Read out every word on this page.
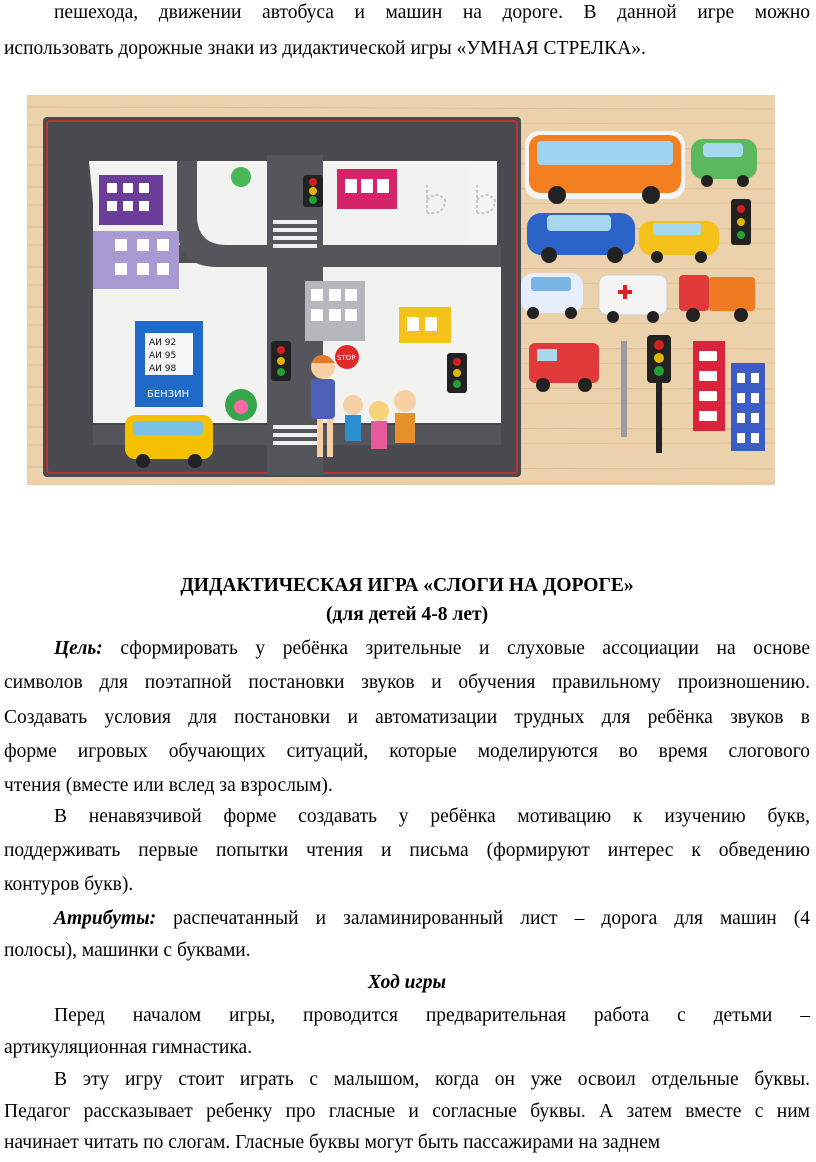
пешехода, движении автобуса и машин на дороге. В данной игре можно
использовать дорожные знаки из дидактической игры «УМНАЯ СТРЕЛКА».
АИ 92
АИ 95
АИ 98
БЕНЗИН
STOP
ДИДАКТИЧЕСКАЯ ИГРА «СЛОГИ НА ДОРОГЕ»
(для детей 4-8 лет)
Цель: сформировать у ребёнка зрительные и слуховые ассоциации на основе
символов для поэтапной постановки звуков и обучения правильному произношению.
Создавать условия для постановки и автоматизации трудных для ребёнка звуков в
форме игровых обучающих ситуаций, которые моделируются во время слогового
чтения (вместе или вслед за взрослым).
В ненавязчивой форме создавать у ребёнка мотивацию к изучению букв,
поддерживать первые попытки чтения и письма (формируют интерес к обведению
контуров букв).
Атрибуты: распечатанный и заламинированный лист – дорога для машин (4
полосы), машинки с буквами.
Ход игры
Перед началом игры, проводится предварительная работа с детьми –
артикуляционная гимнастика.
В эту игру стоит играть с малышом, когда он уже освоил отдельные буквы.
Педагог рассказывает ребенку про гласные и согласные буквы. А затем вместе с ним
начинает читать по слогам. Гласные буквы могут быть пассажирами на заднем
